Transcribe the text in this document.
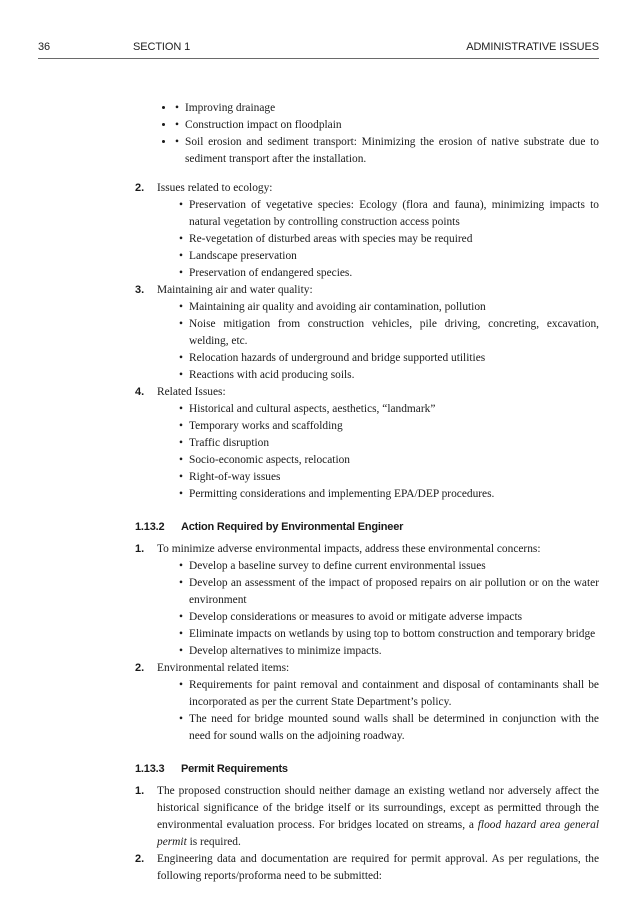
36	SECTION 1	ADMINISTRATIVE ISSUES
• • Improving drainage
• • Construction impact on floodplain
• • Soil erosion and sediment transport: Minimizing the erosion of native substrate due to sediment transport after the installation.
2. Issues related to ecology:
• Preservation of vegetative species: Ecology (flora and fauna), minimizing impacts to natural vegetation by controlling construction access points
• Re-vegetation of disturbed areas with species may be required
• Landscape preservation
• Preservation of endangered species.
3. Maintaining air and water quality:
• Maintaining air quality and avoiding air contamination, pollution
• Noise mitigation from construction vehicles, pile driving, concreting, excavation, welding, etc.
• Relocation hazards of underground and bridge supported utilities
• Reactions with acid producing soils.
4. Related Issues:
• Historical and cultural aspects, aesthetics, “landmark”
• Temporary works and scaffolding
• Traffic disruption
• Socio-economic aspects, relocation
• Right-of-way issues
• Permitting considerations and implementing EPA/DEP procedures.
1.13.2 Action Required by Environmental Engineer
1. To minimize adverse environmental impacts, address these environmental concerns:
• Develop a baseline survey to define current environmental issues
• Develop an assessment of the impact of proposed repairs on air pollution or on the water environment
• Develop considerations or measures to avoid or mitigate adverse impacts
• Eliminate impacts on wetlands by using top to bottom construction and temporary bridge
• Develop alternatives to minimize impacts.
2. Environmental related items:
• Requirements for paint removal and containment and disposal of contaminants shall be incorporated as per the current State Department’s policy.
• The need for bridge mounted sound walls shall be determined in conjunction with the need for sound walls on the adjoining roadway.
1.13.3 Permit Requirements
1. The proposed construction should neither damage an existing wetland nor adversely affect the historical significance of the bridge itself or its surroundings, except as permitted through the environmental evaluation process. For bridges located on streams, a flood hazard area general permit is required.
2. Engineering data and documentation are required for permit approval. As per regulations, the following reports/proforma need to be submitted:
